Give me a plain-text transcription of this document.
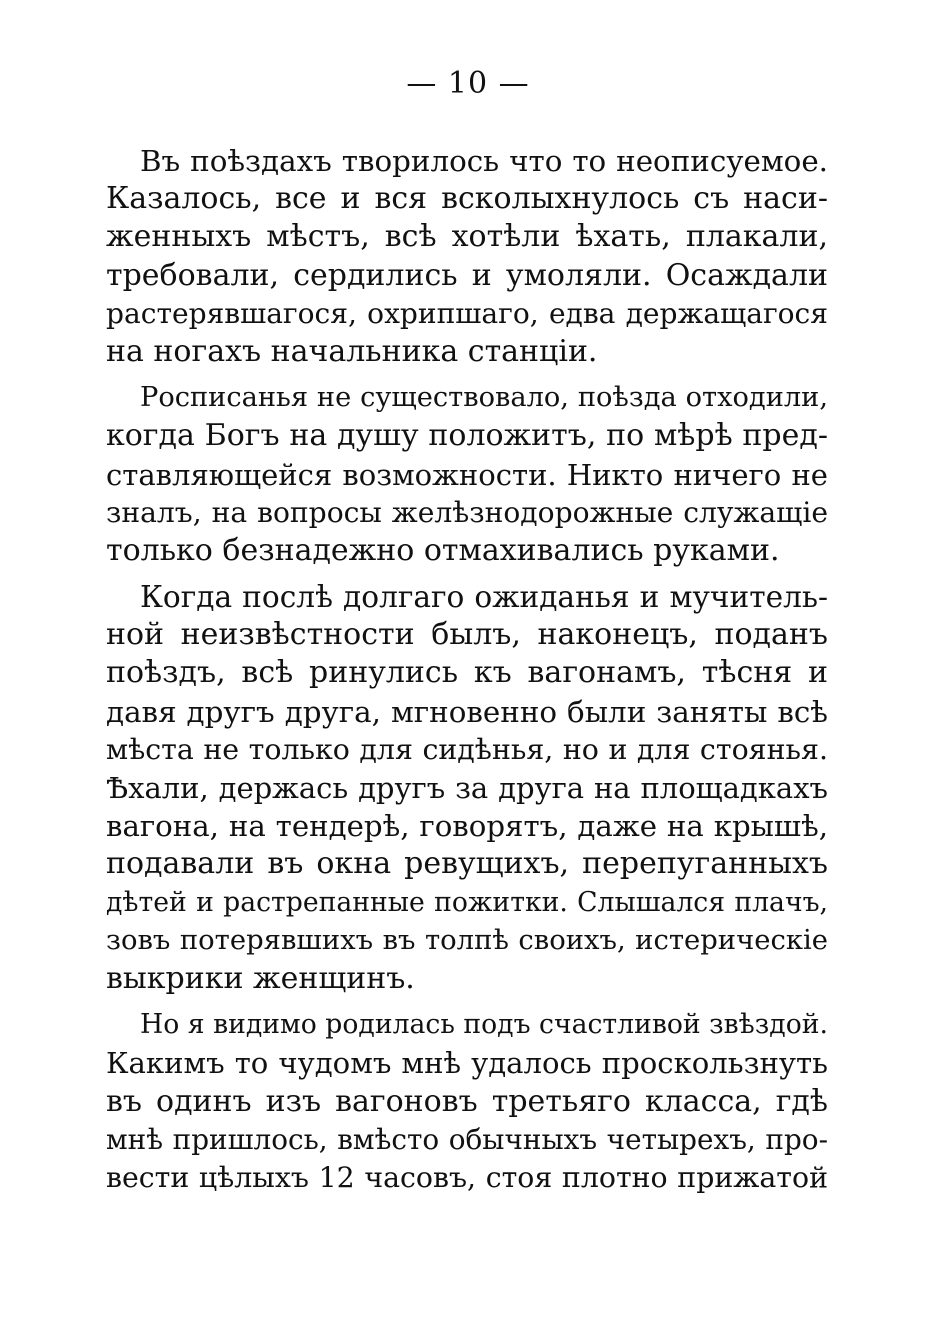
— 10 —
Въ поѣздахъ творилось что то неописуемое.
Казалось, все и вся всколыхнулось съ наси-
женныхъ мѣстъ, всѣ хотѣли ѣхать, плакали,
требовали, сердились и умоляли. Осаждали
растерявшагося, охрипшаго, едва держащагося
на ногахъ начальника станціи.
Росписанья не существовало, поѣзда отходили,
когда Богъ на душу положитъ, по мѣрѣ пред-
ставляющейся возможности. Никто ничего не
зналъ, на вопросы желѣзнодорожные служащіе
только безнадежно отмахивались руками.
Когда послѣ долгаго ожиданья и мучитель-
ной неизвѣстности былъ, наконецъ, поданъ
поѣздъ, всѣ ринулись къ вагонамъ, тѣсня и
давя другъ друга, мгновенно были заняты всѣ
мѣста не только для сидѣнья, но и для стоянья.
Ѣхали, держась другъ за друга на площадкахъ
вагона, на тендерѣ, говорятъ, даже на крышѣ,
подавали въ окна ревущихъ, перепуганныхъ
дѣтей и растрепанные пожитки. Слышался плачъ,
зовъ потерявшихъ въ толпѣ своихъ, истерическіе
выкрики женщинъ.
Но я видимо родилась подъ счастливой звѣздой.
Какимъ то чудомъ мнѣ удалось проскользнуть
въ одинъ изъ вагоновъ третьяго класса, гдѣ
мнѣ пришлось, вмѣсто обычныхъ четырехъ, про-
вести цѣлыхъ 12 часовъ, стоя плотно прижатой
